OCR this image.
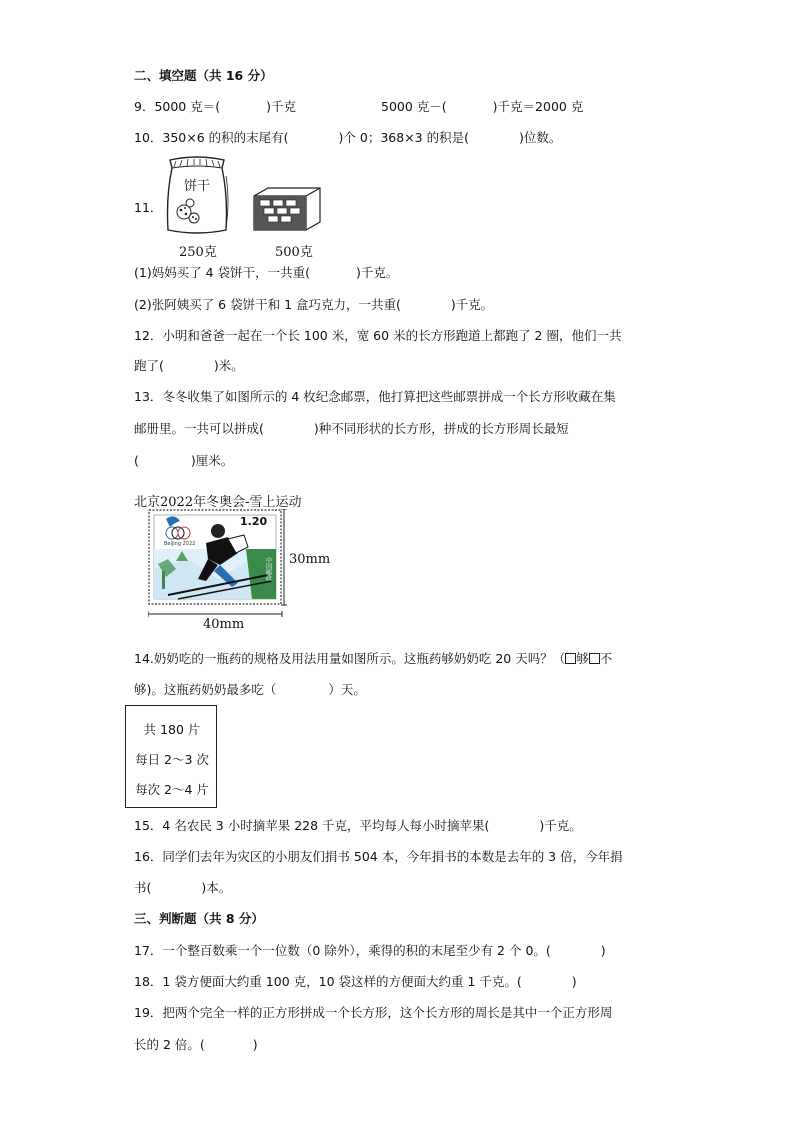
二、填空题（共 16 分）
9．5000 克＝(	)千克	5000 克－(	)千克＝2000 克
10．350×6 的积的末尾有(	)个 0；368×3 的积是(	)位数。
11．
饼干
250克	500克
(1)妈妈买了 4 袋饼干，一共重(	)千克。
(2)张阿姨买了 6 袋饼干和 1 盒巧克力，一共重(	)千克。
12．小明和爸爸一起在一个长 100 米，宽 60 米的长方形跑道上都跑了 2 圈，他们一共
跑了(	)米。
13．冬冬收集了如图所示的 4 枚纪念邮票，他打算把这些邮票拼成一个长方形收藏在集
邮册里。一共可以拼成(	)种不同形状的长方形，拼成的长方形周长最短
(	)厘米。
北京2022年冬奥会-雪上运动
1.20
Beijing 2022
中国邮政 30mm
40mm
14.奶奶吃的一瓶药的规格及用法用量如图所示。这瓶药够奶奶吃 20 天吗？（ 够 不
够)。这瓶药奶奶最多吃（	）天。
共 180 片
每日 2～3 次
每次 2～4 片
15．4 名农民 3 小时摘苹果 228 千克，平均每人每小时摘苹果(	)千克。
16．同学们去年为灾区的小朋友们捐书 504 本，今年捐书的本数是去年的 3 倍，今年捐
书(	)本。
三、判断题（共 8 分）
17．一个整百数乘一个一位数（0 除外），乘得的积的末尾至少有 2 个 0。(	)
18．1 袋方便面大约重 100 克，10 袋这样的方便面大约重 1 千克。(	)
19．把两个完全一样的正方形拼成一个长方形，这个长方形的周长是其中一个正方形周
长的 2 倍。(	)
